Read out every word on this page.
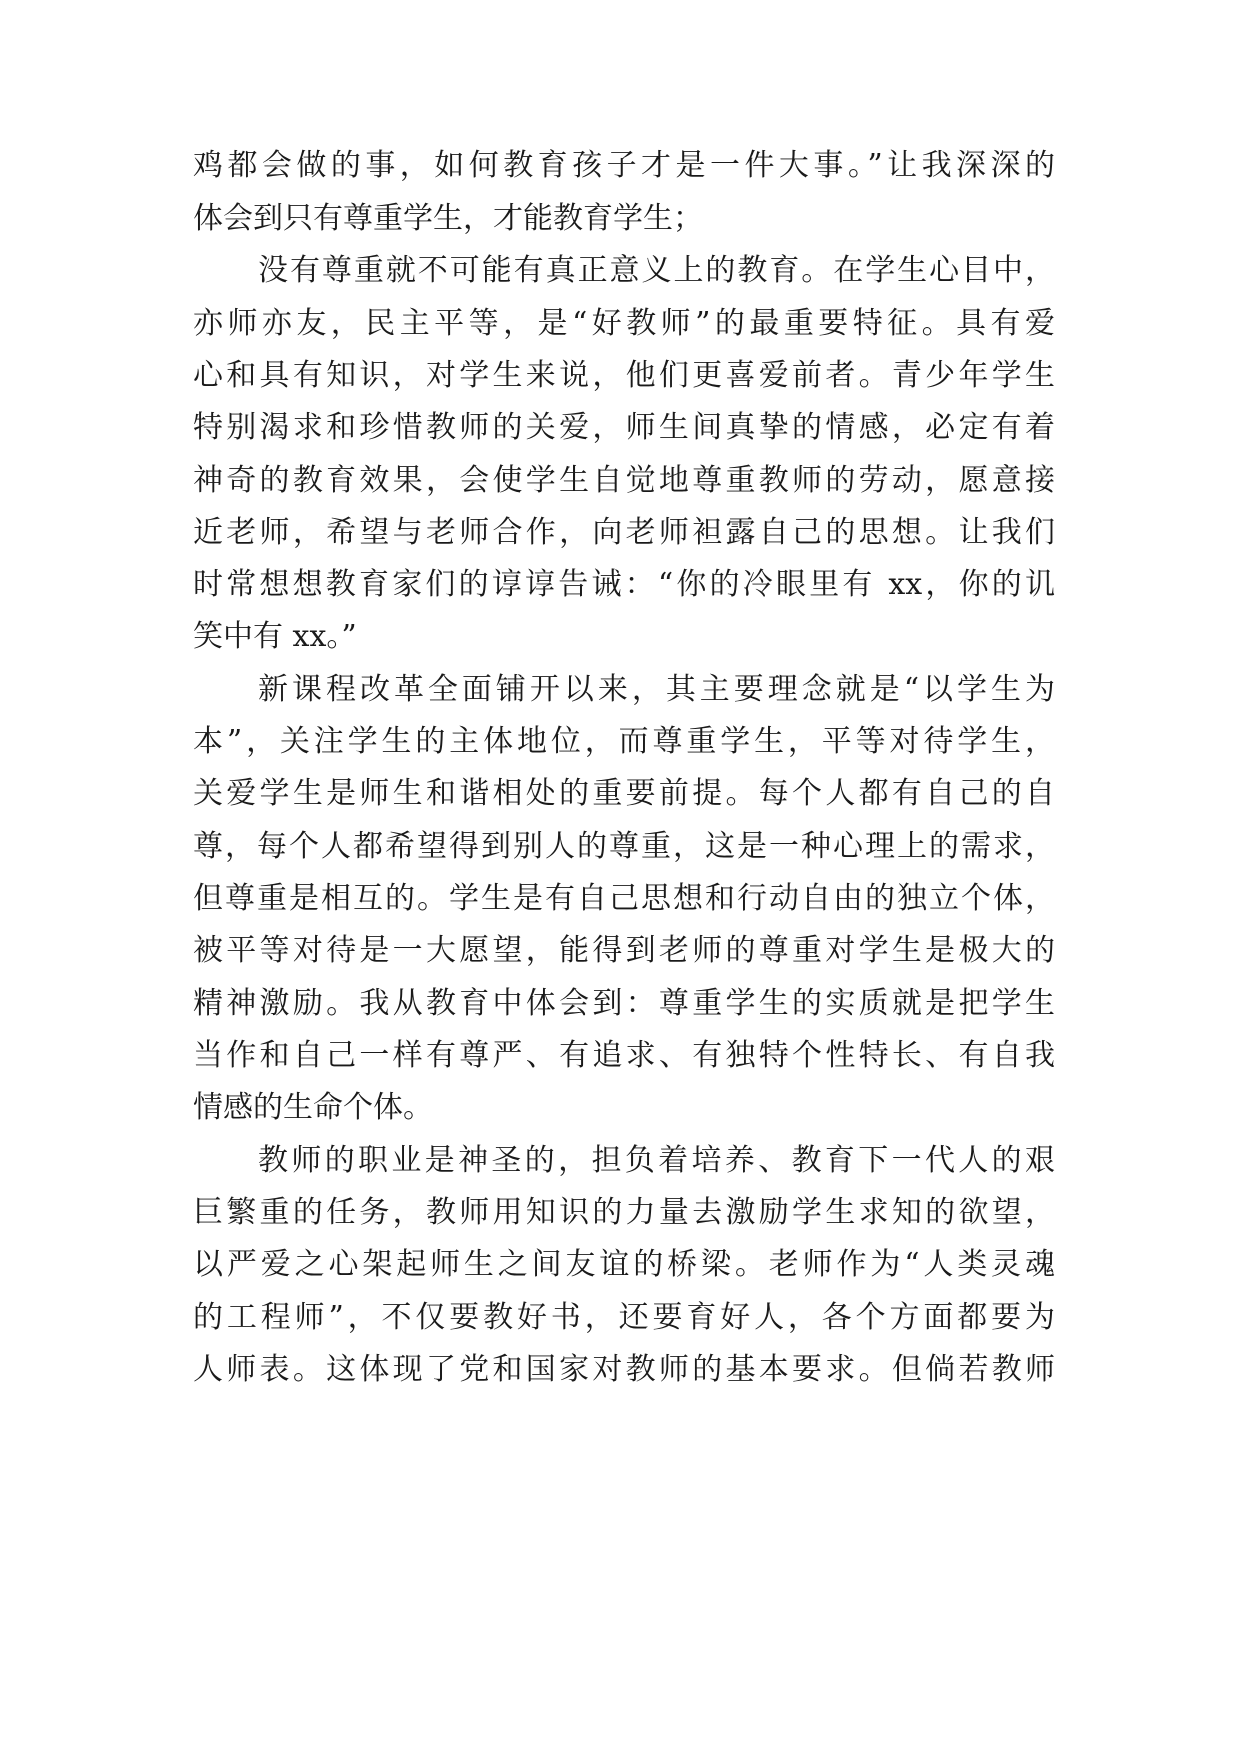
鸡都会做的事，如何教育孩子才是一件大事。”让我深深的
体会到只有尊重学生，才能教育学生；
没有尊重就不可能有真正意义上的教育。在学生心目中，
亦师亦友，民主平等，是“好教师”的最重要特征。具有爱
心和具有知识，对学生来说，他们更喜爱前者。青少年学生
特别渴求和珍惜教师的关爱，师生间真挚的情感，必定有着
神奇的教育效果，会使学生自觉地尊重教师的劳动，愿意接
近老师，希望与老师合作，向老师袒露自己的思想。让我们
时常想想教育家们的谆谆告诫：“你的冷眼里有 xx，你的讥
笑中有 xx。”
新课程改革全面铺开以来，其主要理念就是“以学生为
本”，关注学生的主体地位，而尊重学生，平等对待学生，
关爱学生是师生和谐相处的重要前提。每个人都有自己的自
尊，每个人都希望得到别人的尊重，这是一种心理上的需求，
但尊重是相互的。学生是有自己思想和行动自由的独立个体，
被平等对待是一大愿望，能得到老师的尊重对学生是极大的
精神激励。我从教育中体会到：尊重学生的实质就是把学生
当作和自己一样有尊严、有追求、有独特个性特长、有自我
情感的生命个体。
教师的职业是神圣的，担负着培养、教育下一代人的艰
巨繁重的任务，教师用知识的力量去激励学生求知的欲望，
以严爱之心架起师生之间友谊的桥梁。老师作为“人类灵魂
的工程师”，不仅要教好书，还要育好人，各个方面都要为
人师表。这体现了党和国家对教师的基本要求。但倘若教师
